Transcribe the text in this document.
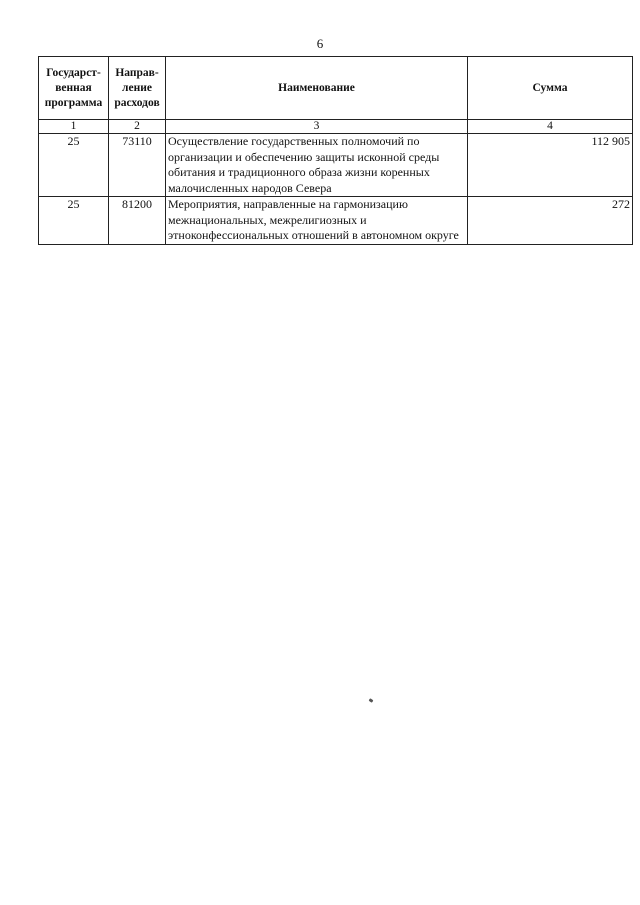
6
Государст-венная программа	Направ-ление расходов	Наименование	Сумма
1	2	3	4
25	73110	Осуществление государственных полномочий по организации и обеспечению защиты исконной среды обитания и традиционного образа жизни коренных малочисленных народов Севера	112 905
25	81200	Мероприятия, направленные на гармонизацию межнациональных, межрелигиозных и этноконфессиональных отношений в автономном округе	272
